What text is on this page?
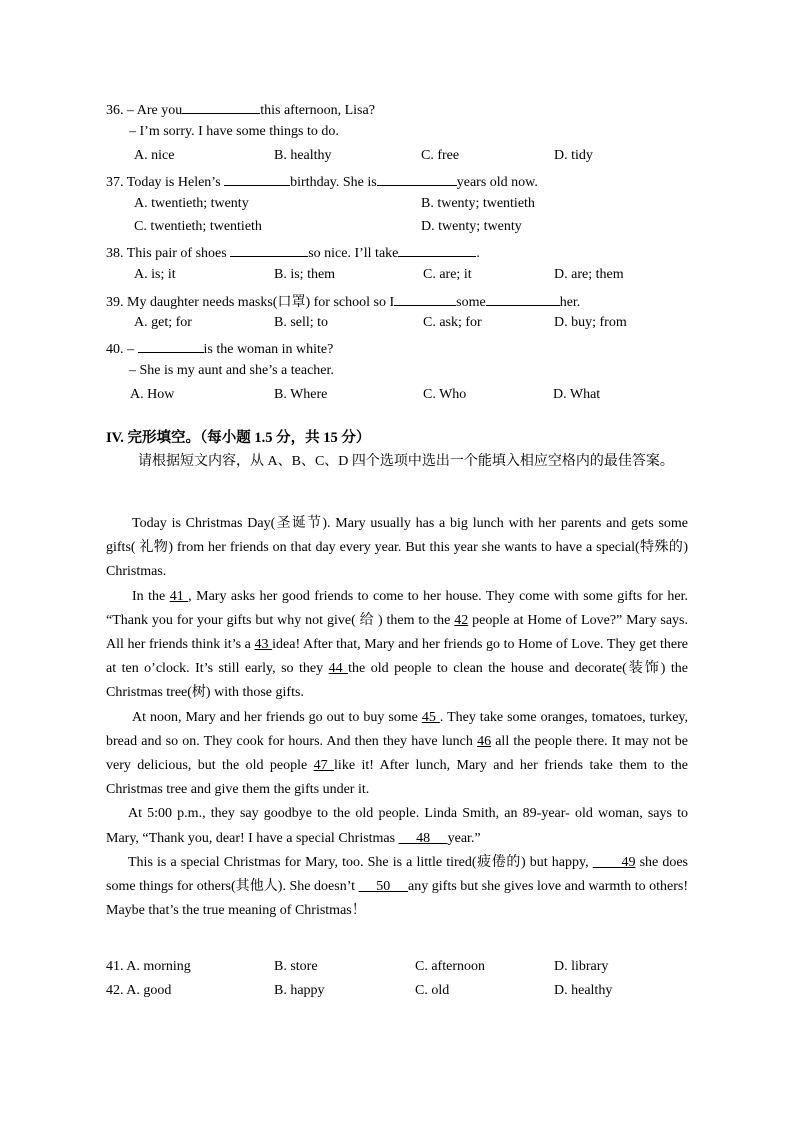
36. – Are you	this afternoon, Lisa?
– I’m sorry. I have some things to do.
A. nice	B. healthy	C. free	D. tidy
37. Today is Helen’s	birthday. She is	years old now.
A. twentieth; twenty	B. twenty; twentieth
C. twentieth; twentieth	D. twenty; twenty
38. This pair of shoes	so nice. I’ll take	.
A. is; it	B. is; them	C. are; it	D. are; them
39. My daughter needs masks(口罩) for school so I	some	her.
A. get; for	B. sell; to	C. ask; for	D. buy; from
40. –	is the woman in white?
– She is my aunt and she’s a teacher.
A. How	B. Where	C. Who	D. What
IV. 完形填空。（每小题 1.5 分，共 15 分）
请根据短文内容，从 A、B、C、D 四个选项中选出一个能填入相应空格内的最佳答案。

Today is Christmas Day(圣诞节). Mary usually has a big lunch with her parents and gets some gifts( 礼物) from her friends on that day every year. But this year she wants to have a special(特殊的) Christmas.

In the 41 , Mary asks her good friends to come to her house. They come with some gifts for her. “Thank you for your gifts but why not give( 给 ) them to the 42 people at Home of Love?” Mary says. All her friends think it’s a 43 idea! After that, Mary and her friends go to Home of Love. They get there at ten o’clock. It’s still early, so they 44 the old people to clean the house and decorate(装饰) the Christmas tree(树) with those gifts.

At noon, Mary and her friends go out to buy some 45 . They take some oranges, tomatoes, turkey, bread and so on. They cook for hours. And then they have lunch 46 all the people there. It may not be very delicious, but the old people 47 like it! After lunch, Mary and her friends take them to the Christmas tree and give them the gifts under it.

At 5:00 p.m., they say goodbye to the old people. Linda Smith, an 89-year- old woman, says to Mary, “Thank you, dear! I have a special Christmas      48     year.”

This is a special Christmas for Mary, too. She is a little tired(疲倦的) but happy,        49 she does some things for others(其他人). She doesn’t      50     any gifts but she gives love and warmth to others! Maybe that’s the true meaning of Christmas！

41. A. morning	B. store	C. afternoon	D. library
42. A. good	B. happy	C. old	D. healthy
